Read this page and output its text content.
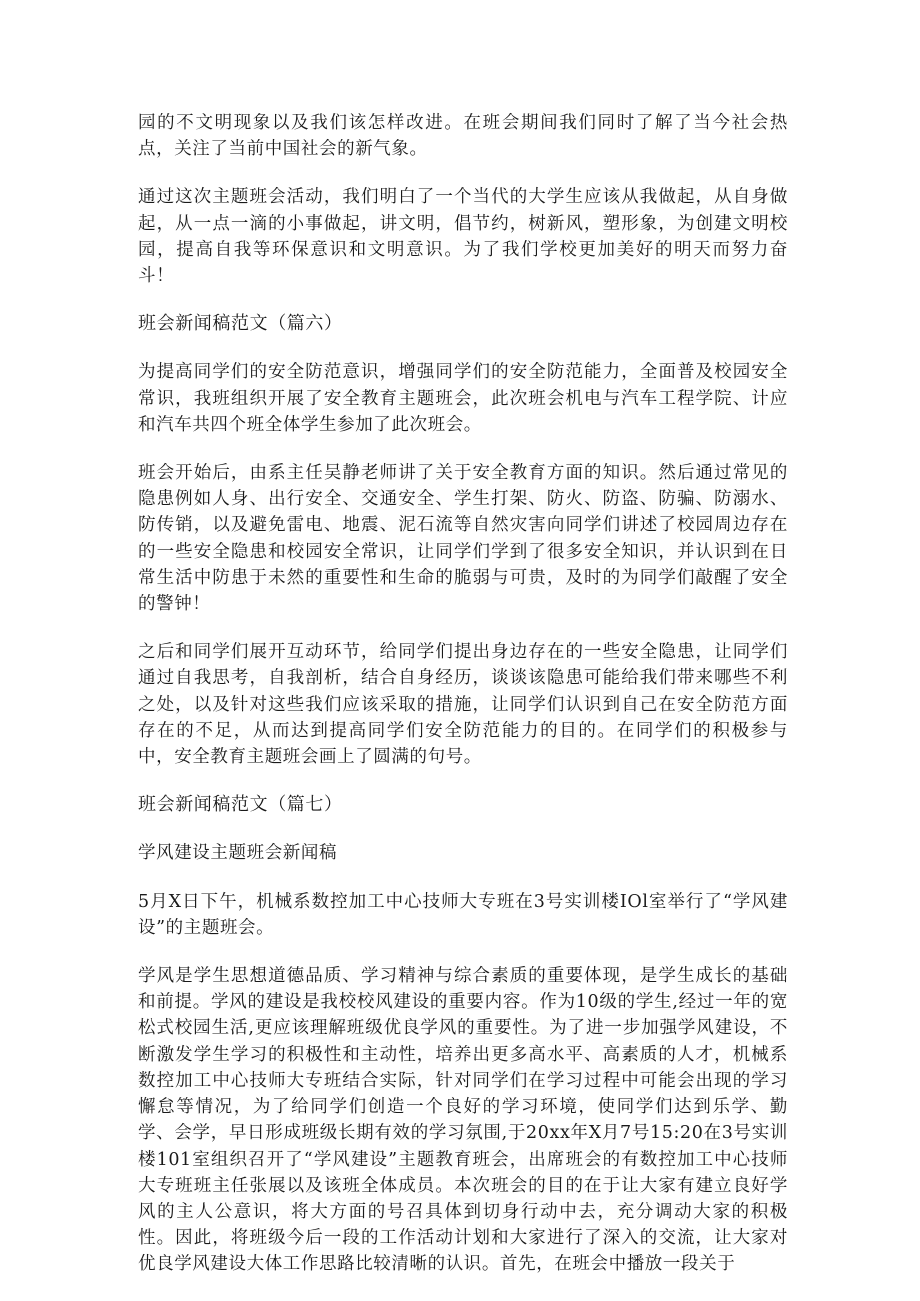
园的不文明现象以及我们该怎样改进。在班会期间我们同时了解了当今社会热点，关注了当前中国社会的新气象。

通过这次主题班会活动，我们明白了一个当代的大学生应该从我做起，从自身做起，从一点一滴的小事做起，讲文明，倡节约，树新风，塑形象，为创建文明校园，提高自我等环保意识和文明意识。为了我们学校更加美好的明天而努力奋斗！

班会新闻稿范文（篇六）

为提高同学们的安全防范意识，增强同学们的安全防范能力，全面普及校园安全常识，我班组织开展了安全教育主题班会，此次班会机电与汽车工程学院、计应和汽车共四个班全体学生参加了此次班会。

班会开始后，由系主任吴静老师讲了关于安全教育方面的知识。然后通过常见的隐患例如人身、出行安全、交通安全、学生打架、防火、防盗、防骗、防溺水、防传销，以及避免雷电、地震、泥石流等自然灾害向同学们讲述了校园周边存在的一些安全隐患和校园安全常识，让同学们学到了很多安全知识，并认识到在日常生活中防患于未然的重要性和生命的脆弱与可贵，及时的为同学们敲醒了安全的警钟！

之后和同学们展开互动环节，给同学们提出身边存在的一些安全隐患，让同学们通过自我思考，自我剖析，结合自身经历，谈谈该隐患可能给我们带来哪些不利之处，以及针对这些我们应该采取的措施，让同学们认识到自己在安全防范方面存在的不足，从而达到提高同学们安全防范能力的目的。在同学们的积极参与中，安全教育主题班会画上了圆满的句号。

班会新闻稿范文（篇七）

学风建设主题班会新闻稿

5月X日下午，机械系数控加工中心技师大专班在3号实训楼IOl室举行了“学风建设”的主题班会。

学风是学生思想道德品质、学习精神与综合素质的重要体现，是学生成长的基础和前提。学风的建设是我校校风建设的重要内容。作为10级的学生,经过一年的宽松式校园生活,更应该理解班级优良学风的重要性。为了进一步加强学风建设，不断激发学生学习的积极性和主动性，培养出更多高水平、高素质的人才，机械系数控加工中心技师大专班结合实际，针对同学们在学习过程中可能会出现的学习懈怠等情况，为了给同学们创造一个良好的学习环境，使同学们达到乐学、勤学、会学，早日形成班级长期有效的学习氛围,于20xx年X月7号15:20在3号实训楼101室组织召开了“学风建设”主题教育班会，出席班会的有数控加工中心技师大专班班主任张展以及该班全体成员。本次班会的目的在于让大家有建立良好学风的主人公意识，将大方面的号召具体到切身行动中去，充分调动大家的积极性。因此，将班级今后一段的工作活动计划和大家进行了深入的交流，让大家对优良学风建设大体工作思路比较清晰的认识。首先，在班会中播放一段关于
